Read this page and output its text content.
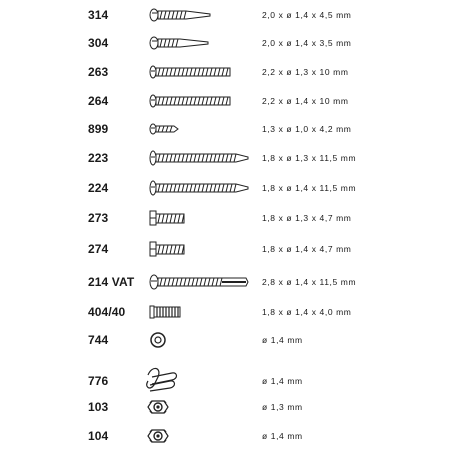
314	2,0 x ø 1,4 x 4,5 mm
304	2,0 x ø 1,4 x 3,5 mm
263	2,2 x ø 1,3 x 10 mm
264	2,2 x ø 1,4 x 10 mm
899	1,3 x ø 1,0 x 4,2 mm
223	1,8 x ø 1,3 x 11,5 mm
224	1,8 x ø 1,4 x 11,5 mm
273	1,8 x ø 1,3 x 4,7 mm
274	1,8 x ø 1,4 x 4,7 mm
214 VAT	2,8 x ø 1,4 x 11,5 mm
404/40	1,8 x ø 1,4 x 4,0 mm
744	ø 1,4 mm
776	ø 1,4 mm
103	ø 1,3 mm
104	ø 1,4 mm
